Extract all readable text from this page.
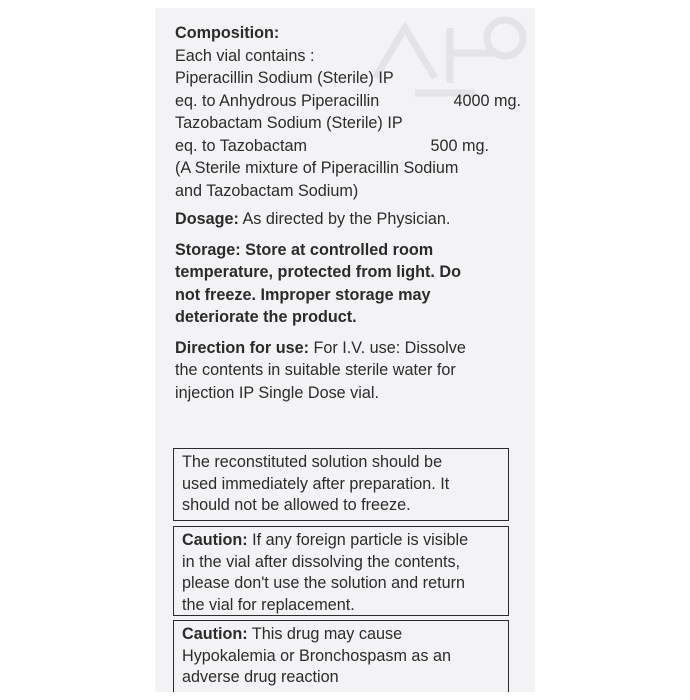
Composition:

Each vial contains :

Piperacillin Sodium (Sterile) IP

eq. to Anhydrous Piperacillin	4000 mg.

Tazobactam Sodium (Sterile) IP

eq. to Tazobactam	500 mg.

(A Sterile mixture of Piperacillin Sodium

and Tazobactam Sodium)

Dosage: As directed by the Physician.

Storage: Store at controlled room

temperature, protected from light. Do

not freeze. Improper storage may

deteriorate the product.

Direction for use: For I.V. use: Dissolve

the contents in suitable sterile water for

injection IP Single Dose vial.

The reconstituted solution should be

used immediately after preparation. It

should not be allowed to freeze.

Caution: If any foreign particle is visible

in the vial after dissolving the contents,

please don't use the solution and return

the vial for replacement.

Caution: This drug may cause

Hypokalemia or Bronchospasm as an

adverse drug reaction
